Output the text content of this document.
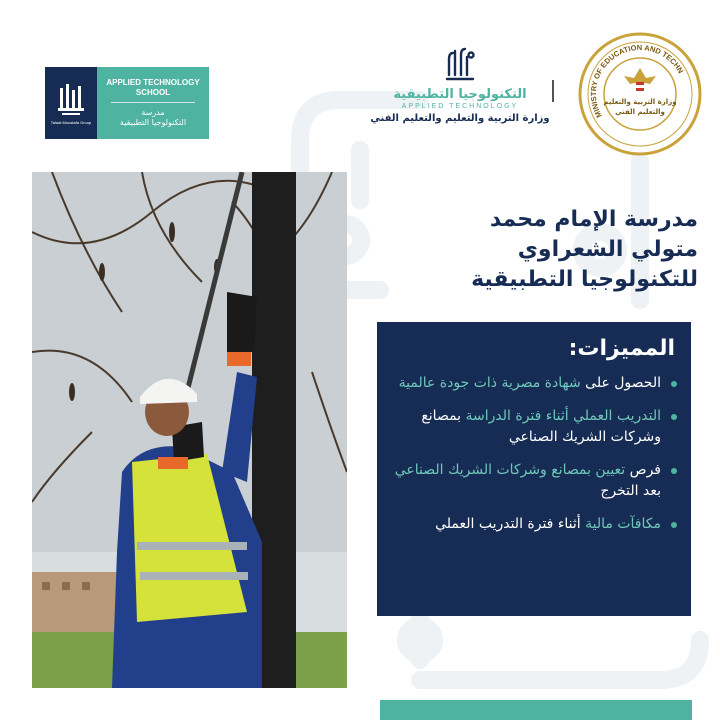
Talaat Moustafa Group
APPLIED TECHNOLOGY
SCHOOL
مدرسة
التكنولوجيا التطبيقية
التكنولوجيا التطبيقية
APPLIED TECHNOLOGY
وزارة التربية والتعليم والتعليم الفني	MINISTRY OF EDUCATION AND TECHNICAL
وزارة التربية والتعليم
والتعليم الفني
مدرسة الإمام محمد
متولي الشعراوي
للتكنولوجيا التطبيقية
المميزات:
الحصول على شهادة مصرية ذات جودة عالمية
التدريب العملي أثناء فترة الدراسة بمصانع وشركات الشريك الصناعي
فرص تعيين بمصانع وشركات الشريك الصناعي بعد التخرج
مكافآت مالية أثناء فترة التدريب العملي
